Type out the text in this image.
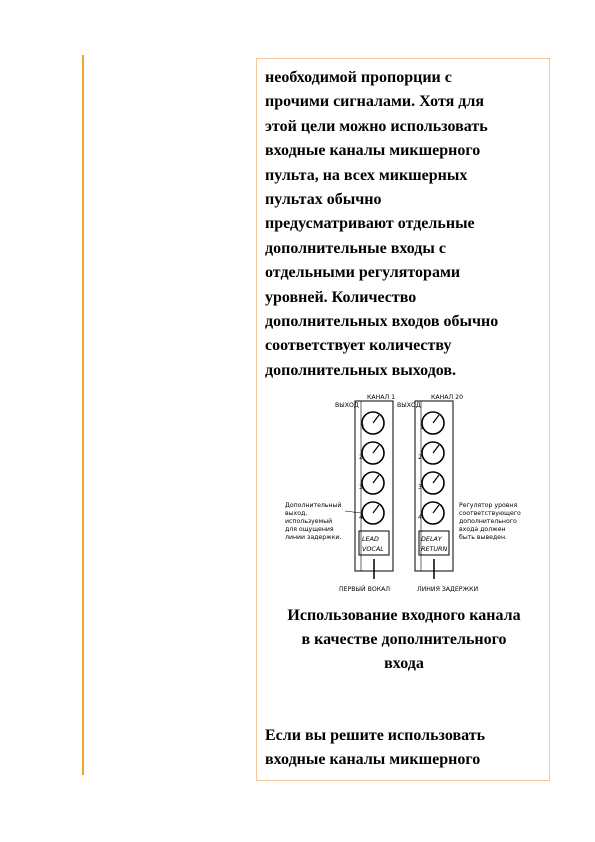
необходимой пропорции с
прочими сигналами. Хотя для
этой цели можно использовать
входные каналы микшерного
пульта, на всех микшерных
пультах обычно
предусматривают отдельные
дополнительные входы с
отдельными регуляторами
уровней. Количество
дополнительных входов обычно
соответствует количеству
дополнительных выходов.
КАНАЛ 1	КАНАЛ 20
ВЫХОД	ВЫХОД
LEAD
VOCAL
DELAY
RETURN
1
2
3
4
1
2
3
4
Дополнительный
выход,
используемый
для ощущения
линии задержки.
Регулятор уровня
соответствующего
дополнительного
входа должен
быть выведен.
ПЕРВЫЙ ВОКАЛ	ЛИНИЯ ЗАДЕРЖКИ
Использование входного канала
в качестве дополнительного
входа
Если вы решите использовать
входные каналы микшерного
